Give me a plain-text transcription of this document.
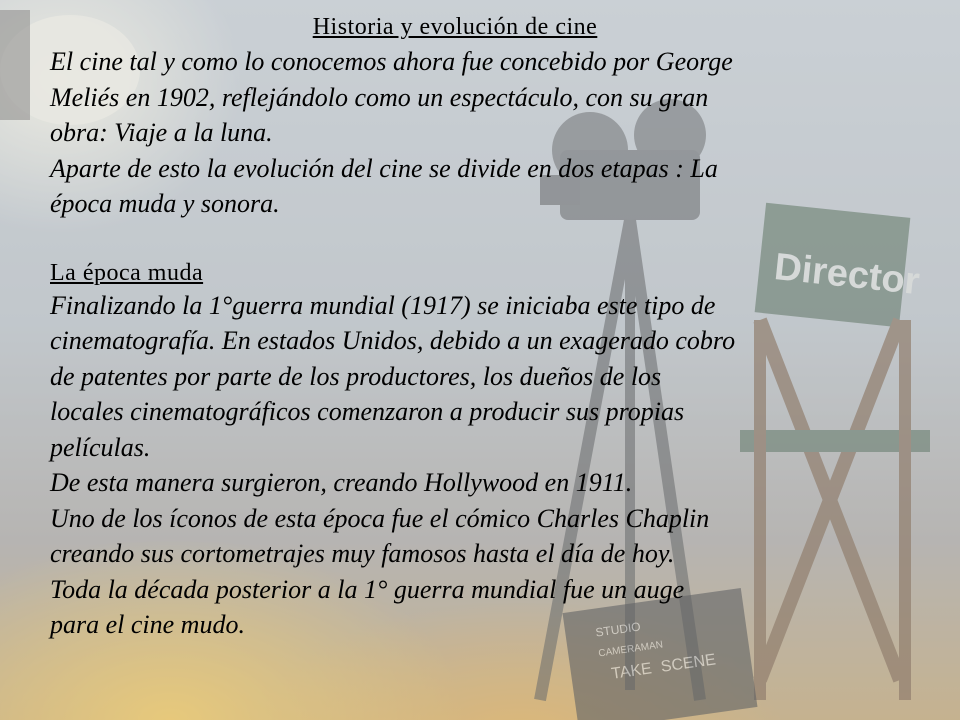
Director
STUDIO
CAMERAMAN
TAKE SCENE

Historia y evolución de cine

El cine tal y como lo conocemos ahora fue concebido por George

Meliés en 1902, reflejándolo como un espectáculo, con su gran

obra: Viaje a la luna.

Aparte de esto la evolución del cine se divide en dos etapas : La

época muda y sonora.

La época muda

Finalizando la 1°guerra mundial (1917) se iniciaba este tipo de

cinematografía. En estados Unidos, debido a un exagerado cobro

de patentes por parte de los productores, los dueños de los

locales cinematográficos comenzaron a producir sus propias

películas.

De esta manera surgieron, creando Hollywood en 1911.

Uno de los íconos de esta época fue el cómico Charles Chaplin

creando sus cortometrajes muy famosos hasta el día de hoy.

Toda la década posterior a la 1° guerra mundial fue un auge

para el cine mudo.
